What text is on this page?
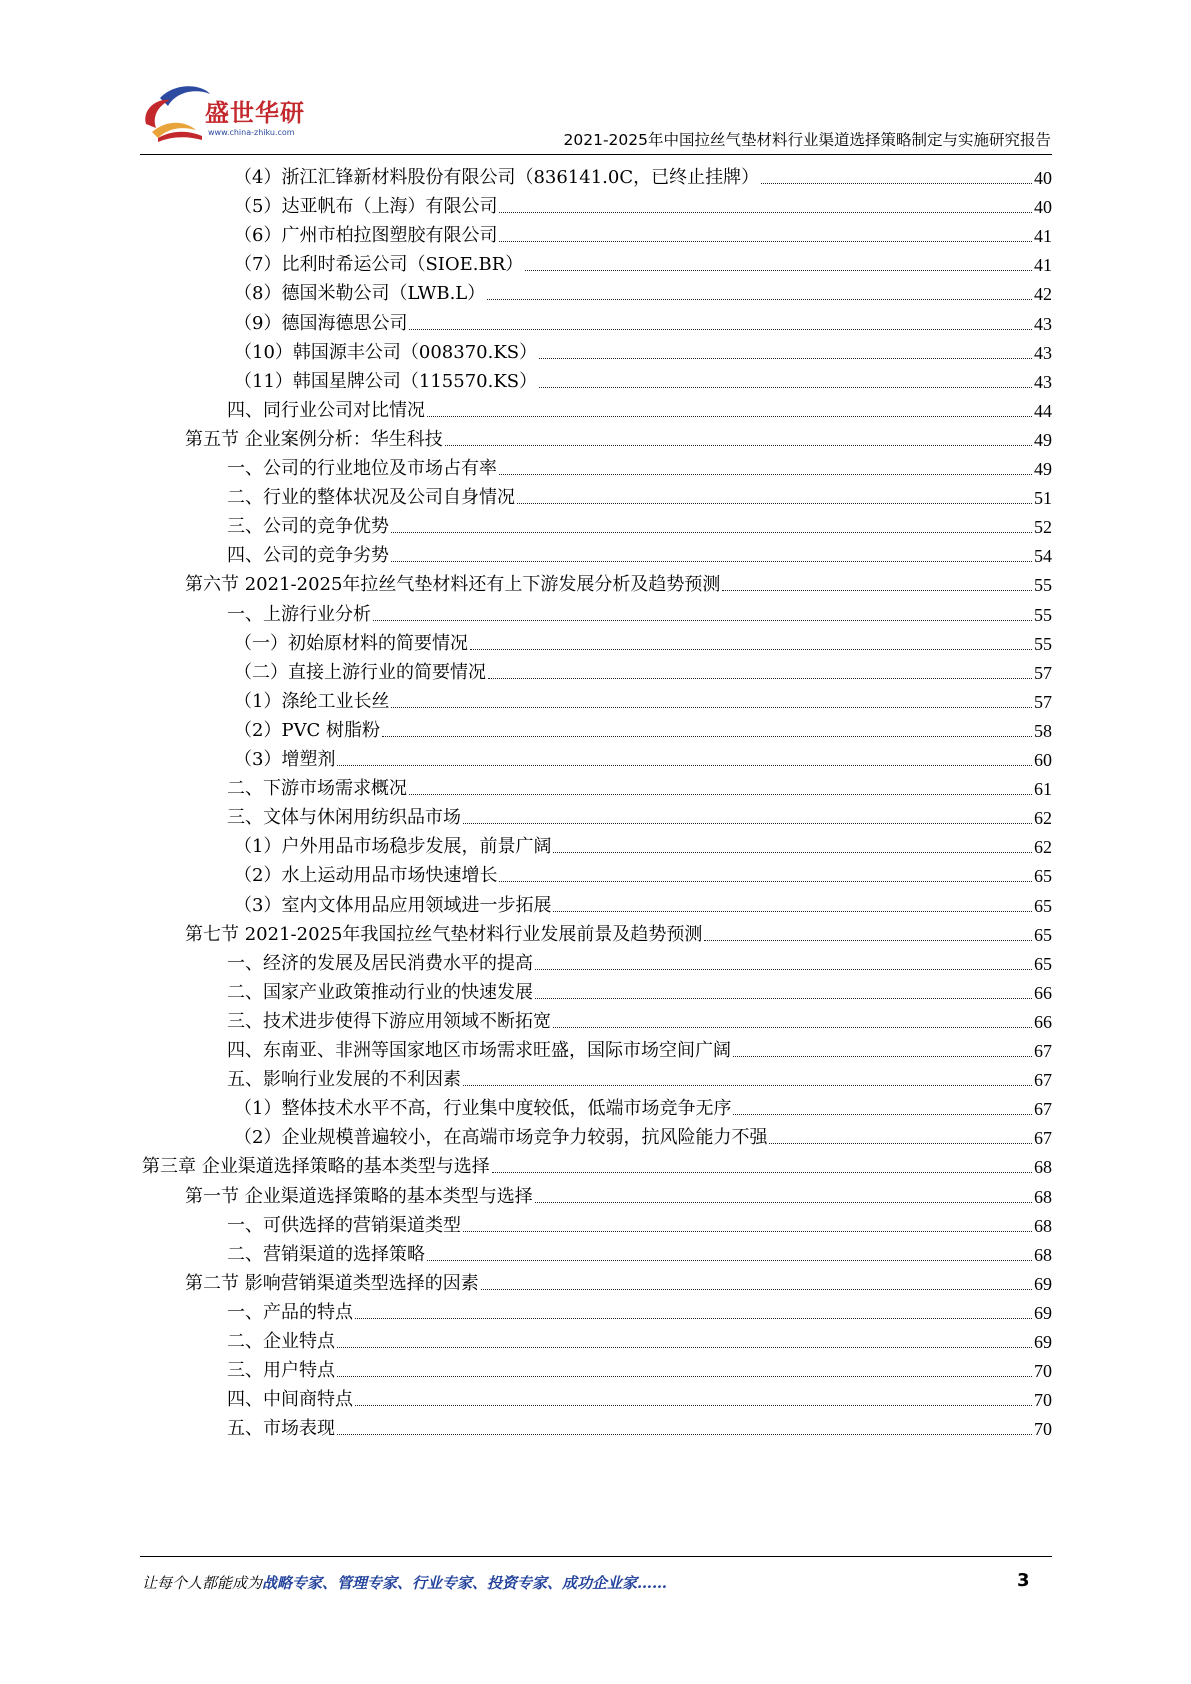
盛世华研
www.china-zhiku.com	2021-2025年中国拉丝气垫材料行业渠道选择策略制定与实施研究报告
（4）浙江汇锋新材料股份有限公司（836141.0C，已终止挂牌）	40
（5）达亚帆布（上海）有限公司	40
（6）广州市柏拉图塑胶有限公司	41
（7）比利时希运公司（SIOE.BR）	41
（8）德国米勒公司（LWB.L）	42
（9）德国海德思公司	43
（10）韩国源丰公司（008370.KS）	43
（11）韩国星牌公司（115570.KS）	43
四、同行业公司对比情况	44
第五节 企业案例分析：华生科技	49
一、公司的行业地位及市场占有率	49
二、行业的整体状况及公司自身情况	51
三、公司的竞争优势	52
四、公司的竞争劣势	54
第六节 2021-2025年拉丝气垫材料还有上下游发展分析及趋势预测	55
一、上游行业分析	55
（一）初始原材料的简要情况	55
（二）直接上游行业的简要情况	57
（1）涤纶工业长丝	57
（2）PVC 树脂粉	58
（3）增塑剂	60
二、下游市场需求概况	61
三、文体与休闲用纺织品市场	62
（1）户外用品市场稳步发展，前景广阔	62
（2）水上运动用品市场快速增长	65
（3）室内文体用品应用领域进一步拓展	65
第七节 2021-2025年我国拉丝气垫材料行业发展前景及趋势预测	65
一、经济的发展及居民消费水平的提高	65
二、国家产业政策推动行业的快速发展	66
三、技术进步使得下游应用领域不断拓宽	66
四、东南亚、非洲等国家地区市场需求旺盛，国际市场空间广阔	67
五、影响行业发展的不利因素	67
（1）整体技术水平不高，行业集中度较低，低端市场竞争无序	67
（2）企业规模普遍较小，在高端市场竞争力较弱，抗风险能力不强	67
第三章 企业渠道选择策略的基本类型与选择	68
第一节 企业渠道选择策略的基本类型与选择	68
一、可供选择的营销渠道类型	68
二、营销渠道的选择策略	68
第二节 影响营销渠道类型选择的因素	69
一、产品的特点	69
二、企业特点	69
三、用户特点	70
四、中间商特点	70
五、市场表现	70
让每个人都能成为战略专家、管理专家、行业专家、投资专家、成功企业家……	3
